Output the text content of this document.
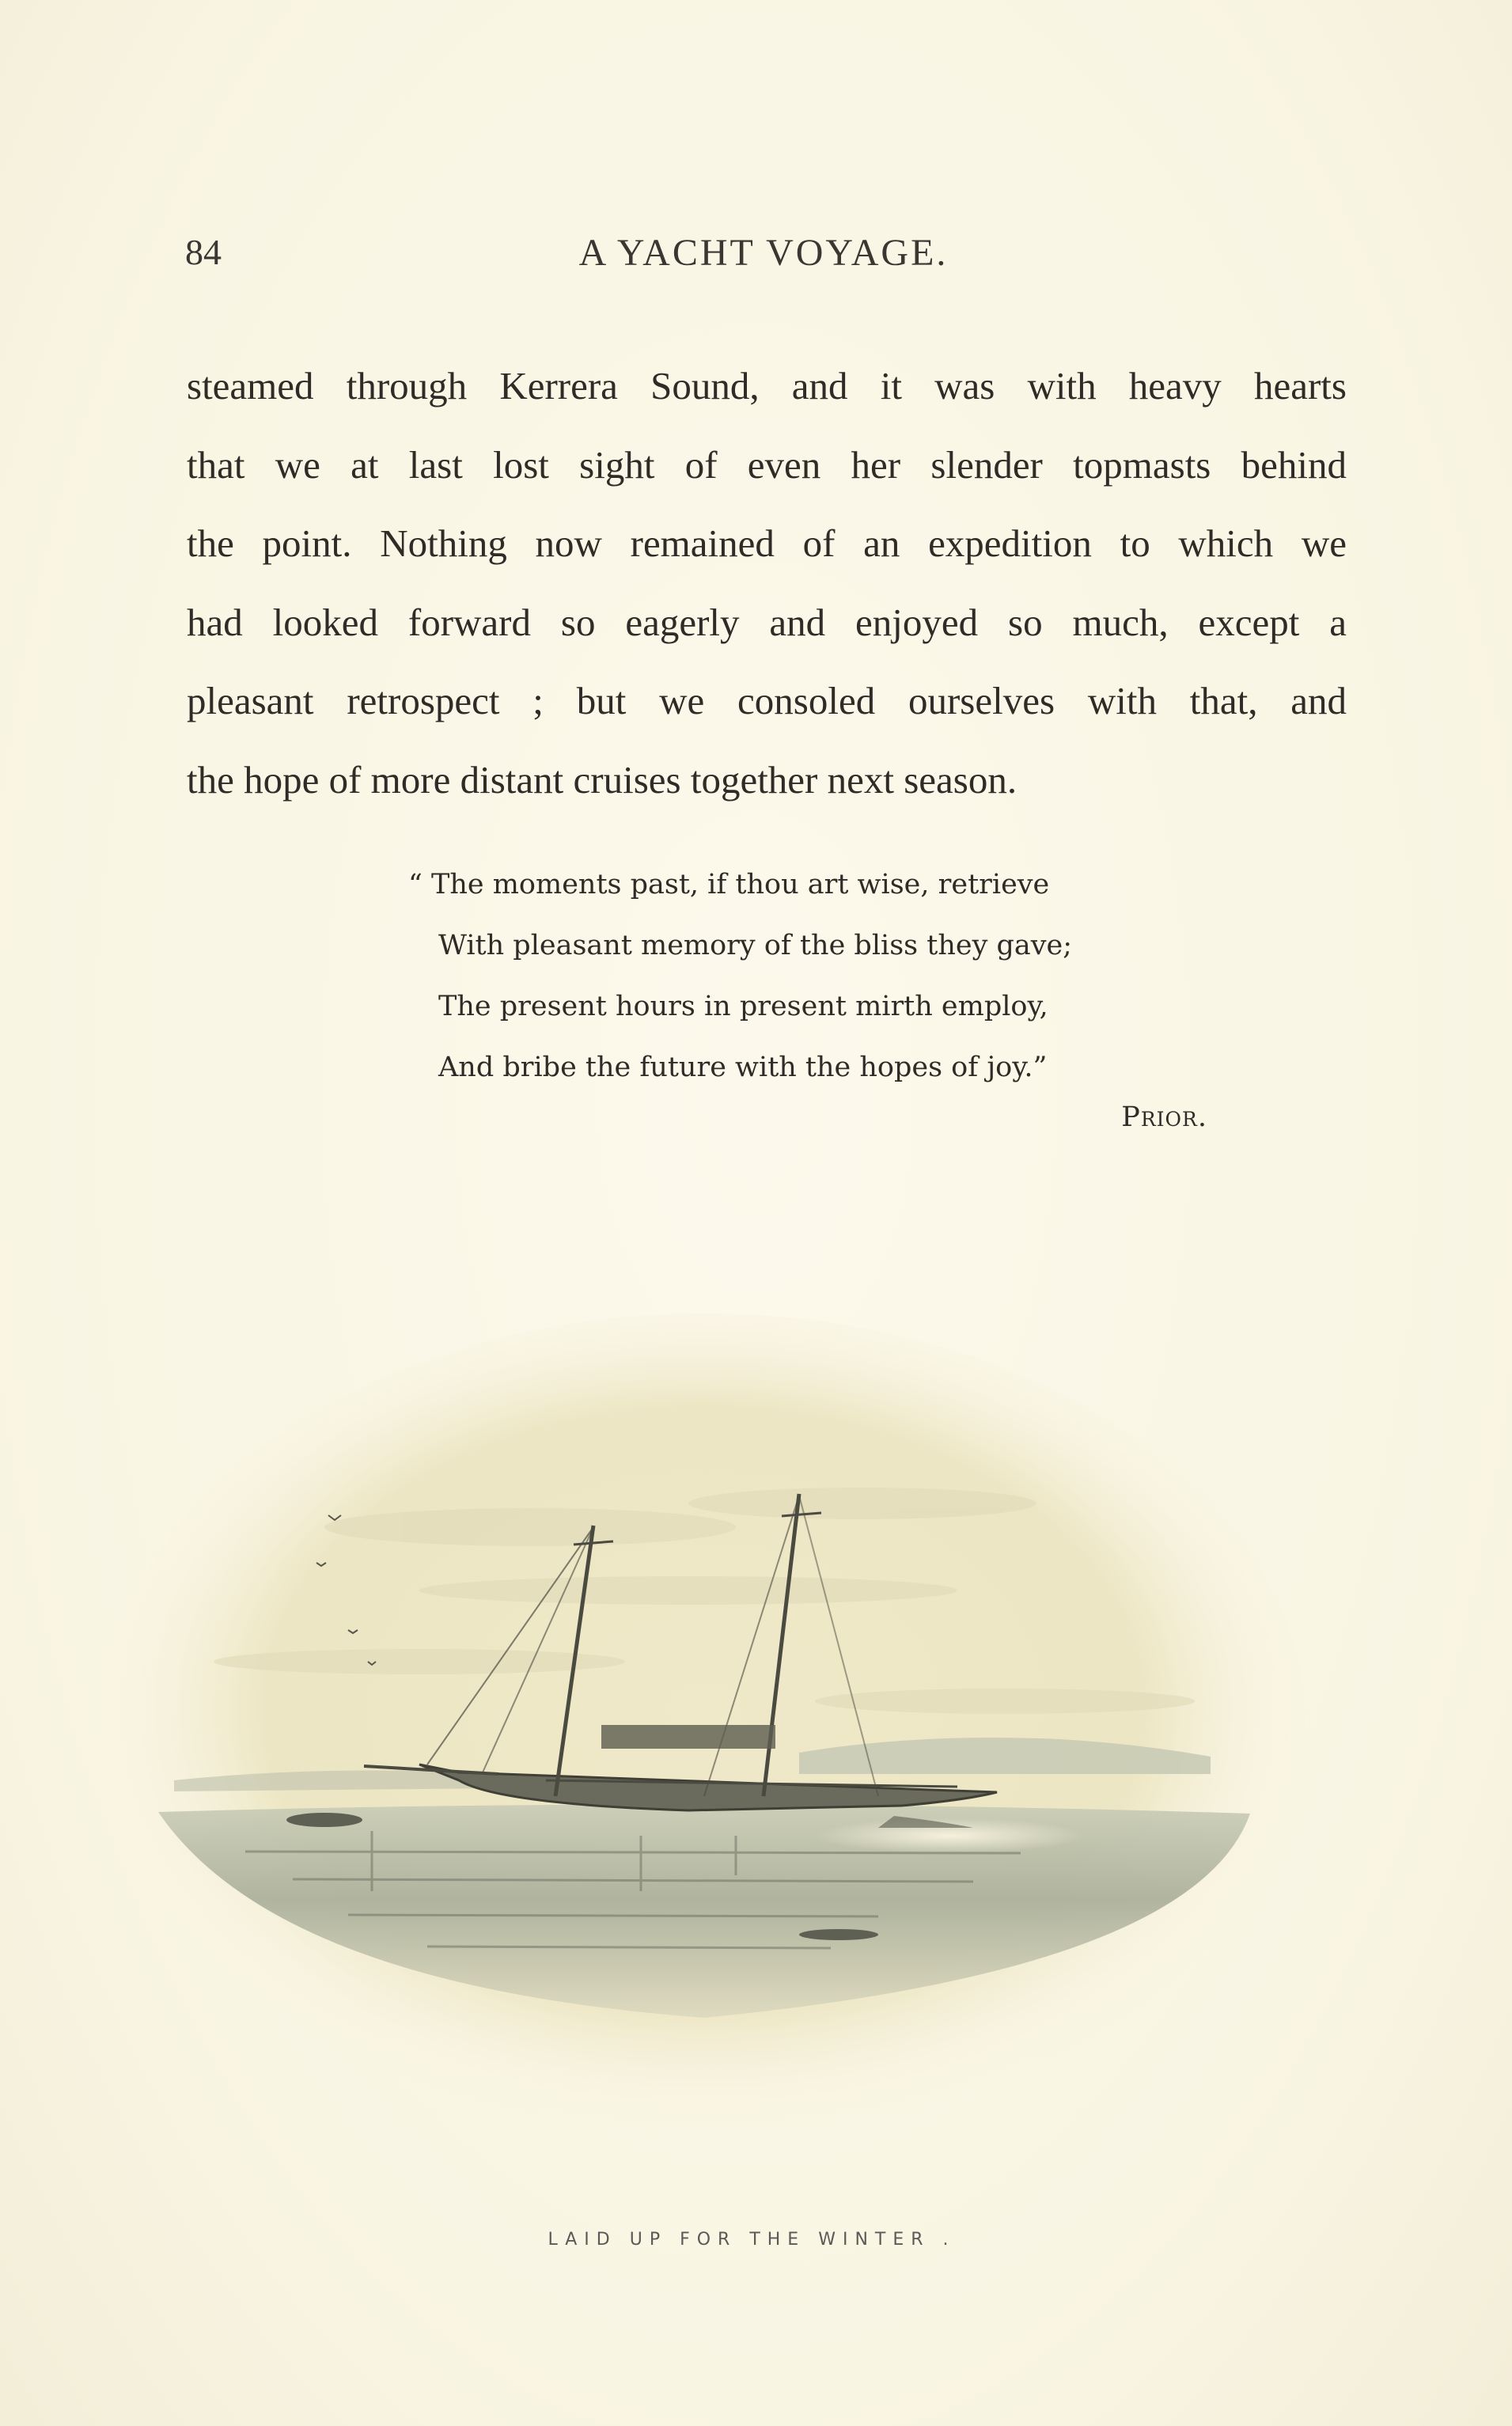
84	A YACHT VOYAGE.
steamed through Kerrera Sound, and it was with heavy hearts
that we at last lost sight of even her slender topmasts behind
the point. Nothing now remained of an expedition to which we
had looked forward so eagerly and enjoyed so much, except a
pleasant retrospect ; but we consoled ourselves with that, and
the hope of more distant cruises together next season.
“ The moments past, if thou art wise, retrieve
With pleasant memory of the bliss they gave;
The present hours in present mirth employ,
And bribe the future with the hopes of joy.”
Prior.
LAID UP FOR THE WINTER .
